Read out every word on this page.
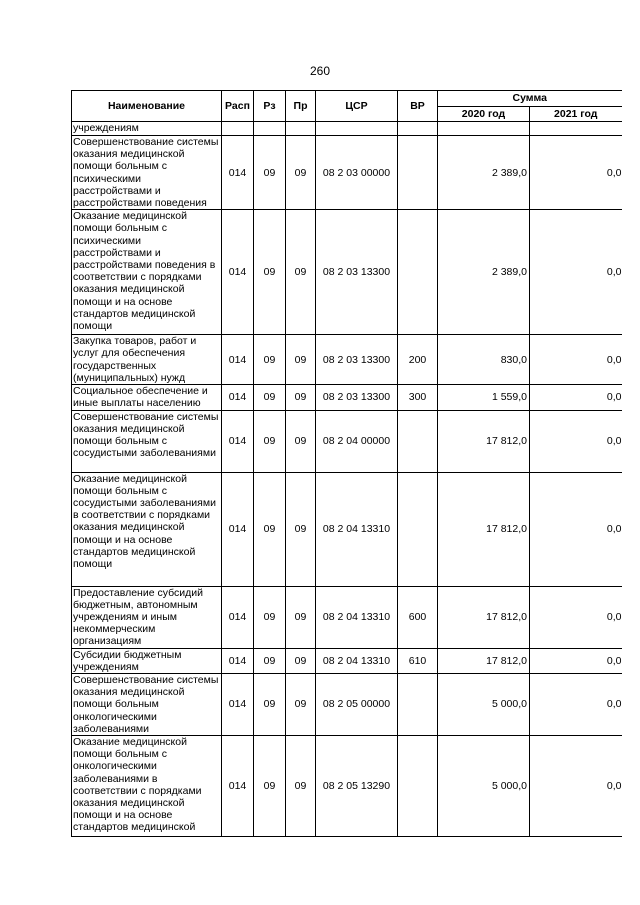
260
Наименование	Расп	Рз	Пр	ЦСР	ВР	Сумма	
						2020 год	2021 год
учреждениям							
Совершенствование системы оказания медицинской помощи больным с психическими расстройствами и расстройствами поведения	014	09	09	08 2 03 00000		2 389,0	0,0
Оказание медицинской помощи больным с психическими расстройствами и расстройствами поведения в соответствии с порядками оказания медицинской помощи и на основе стандартов медицинской помощи	014	09	09	08 2 03 13300		2 389,0	0,0
Закупка товаров, работ и услуг для обеспечения государственных (муниципальных) нужд	014	09	09	08 2 03 13300	200	830,0	0,0
Социальное обеспечение и иные выплаты населению	014	09	09	08 2 03 13300	300	1 559,0	0,0
Совершенствование системы оказания медицинской помощи больным с сосудистыми заболеваниями	014	09	09	08 2 04 00000		17 812,0	0,0
Оказание медицинской помощи больным с сосудистыми заболеваниями в соответствии с порядками оказания медицинской помощи и на основе стандартов медицинской помощи	014	09	09	08 2 04 13310		17 812,0	0,0
Предоставление субсидий бюджетным, автономным учреждениям и иным некоммерческим организациям	014	09	09	08 2 04 13310	600	17 812,0	0,0
Субсидии бюджетным учреждениям	014	09	09	08 2 04 13310	610	17 812,0	0,0
Совершенствование системы оказания медицинской помощи больным онкологическими заболеваниями	014	09	09	08 2 05 00000		5 000,0	0,0

Оказание медицинской помощи больным с онкологическими заболеваниями в соответствии с порядками оказания медицинской помощи и на основе стандартов медицинской	014	09	09	08 2 05 13290		5 000,0	0,0
